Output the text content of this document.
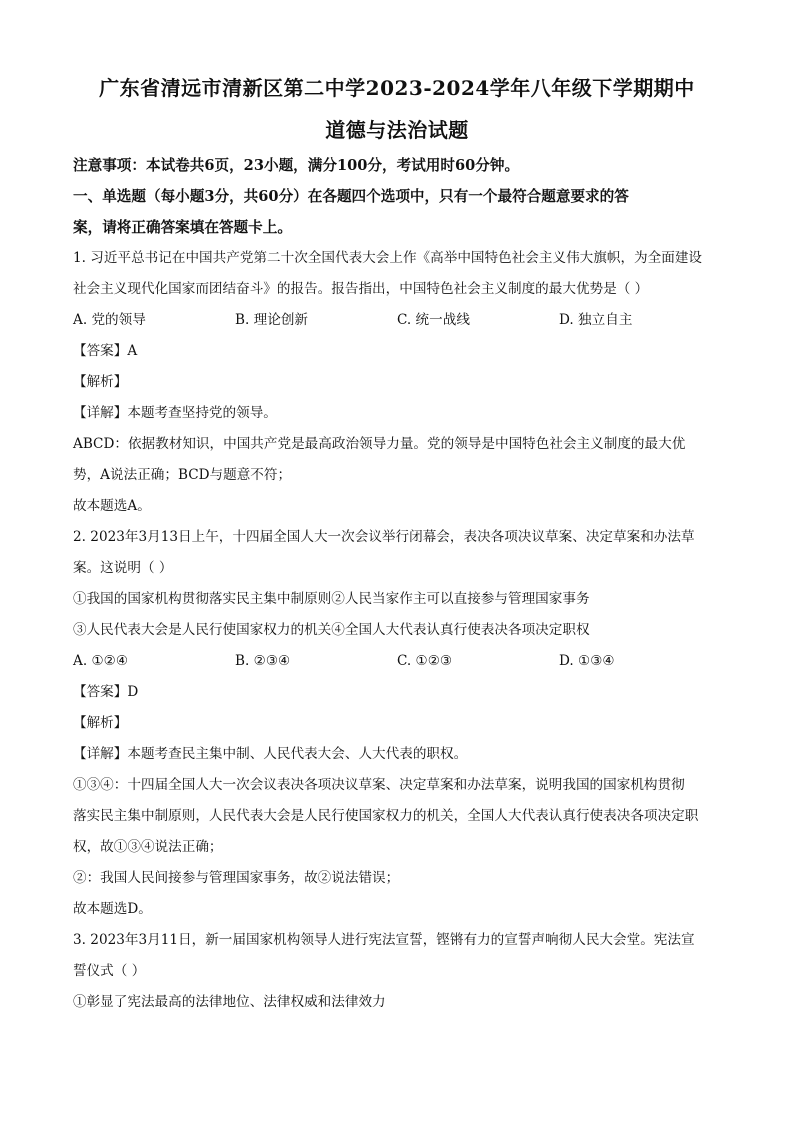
广东省清远市清新区第二中学2023-2024学年八年级下学期期中
道德与法治试题

注意事项：本试卷共6页，23小题，满分100分，考试用时60分钟。

一、单选题（每小题3分，共60分）在各题四个选项中，只有一个最符合题意要求的答

案，请将正确答案填在答题卡上。

1. 习近平总书记在中国共产党第二十次全国代表大会上作《高举中国特色社会主义伟大旗帜，为全面建设

社会主义现代化国家而团结奋斗》的报告。报告指出，中国特色社会主义制度的最大优势是（ ）

A. 党的领导	B. 理论创新	C. 统一战线	D. 独立自主

【答案】A

【解析】

【详解】本题考查坚持党的领导。

ABCD：依据教材知识，中国共产党是最高政治领导力量。党的领导是中国特色社会主义制度的最大优

势，A说法正确；BCD与题意不符；

故本题选A。

2. 2023年3月13日上午，十四届全国人大一次会议举行闭幕会，表决各项决议草案、决定草案和办法草

案。这说明（ ）

①我国的国家机构贯彻落实民主集中制原则②人民当家作主可以直接参与管理国家事务

③人民代表大会是人民行使国家权力的机关④全国人大代表认真行使表决各项决定职权

A. ①②④	B. ②③④	C. ①②③	D. ①③④

【答案】D

【解析】

【详解】本题考查民主集中制、人民代表大会、人大代表的职权。

①③④：十四届全国人大一次会议表决各项决议草案、决定草案和办法草案，说明我国的国家机构贯彻

落实民主集中制原则，人民代表大会是人民行使国家权力的机关，全国人大代表认真行使表决各项决定职

权，故①③④说法正确；

②：我国人民间接参与管理国家事务，故②说法错误；

故本题选D。

3. 2023年3月11日，新一届国家机构领导人进行宪法宣誓，铿锵有力的宣誓声响彻人民大会堂。宪法宣

誓仪式（ ）

①彰显了宪法最高的法律地位、法律权威和法律效力
